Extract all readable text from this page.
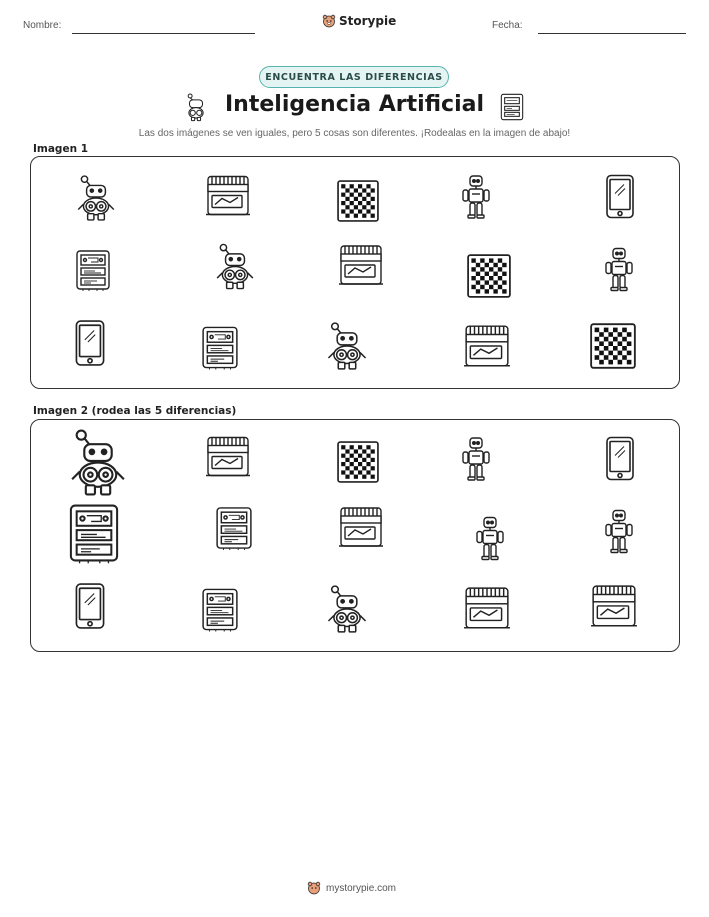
Nombre:	Storypie	Fecha:
ENCUENTRA LAS DIFERENCIAS
Inteligencia Artificial
Las dos imágenes se ven iguales, pero 5 cosas son diferentes. ¡Rodealas en la imagen de abajo!
Imagen 1
Imagen 2 (rodea las 5 diferencias)
mystorypie.com
